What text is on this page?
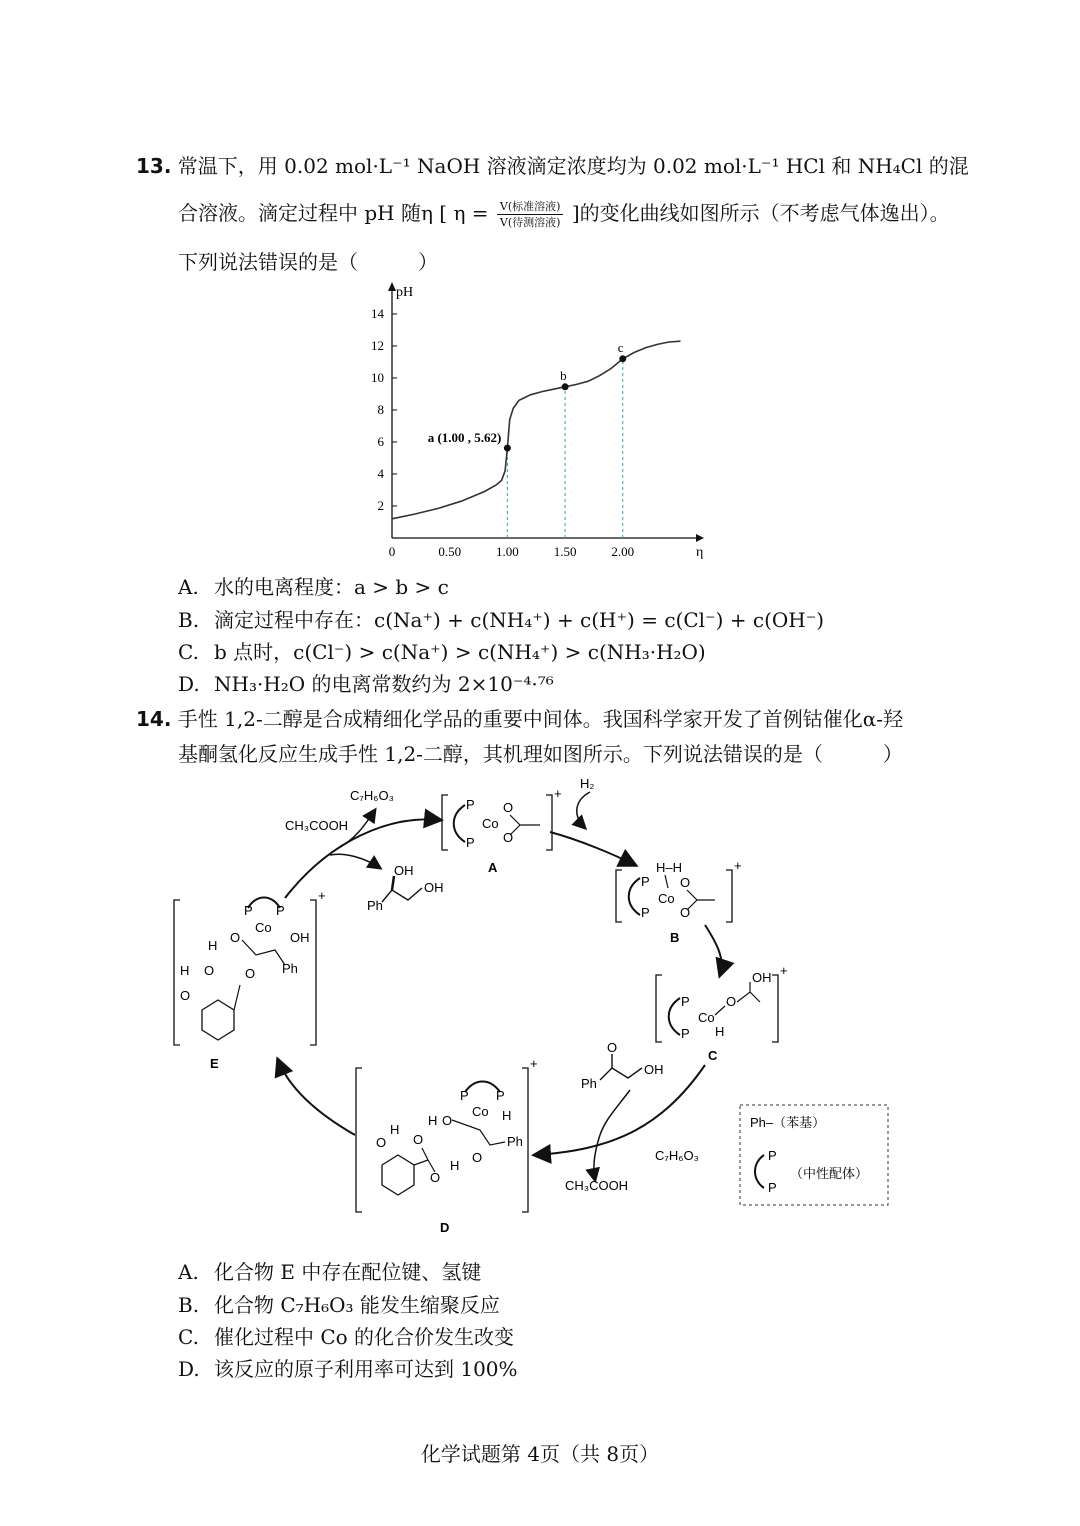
13. 常温下，用 0.02 mol·L⁻¹ NaOH 溶液滴定浓度均为 0.02 mol·L⁻¹ HCl 和 NH₄Cl 的混
合溶液。滴定过程中 pH 随η [ $\eta = \frac{\text{V(标准溶液)}}{\text{V(待测溶液)}}$ ]的变化曲线如图所示（不考虑气体逸出）。
下列说法错误的是（　　　）
pH
η
2
4
6
8
10
12
14
0	0.50	1.00	1.50	2.00
a (1.00 , 5.62)
b
c
A. 水的电离程度：a > b > c
B. 滴定过程中存在：c(Na⁺) + c(NH₄⁺) + c(H⁺) = c(Cl⁻) + c(OH⁻)
C. b 点时，c(Cl⁻) > c(Na⁺) > c(NH₄⁺) > c(NH₃·H₂O)
D. NH₃·H₂O 的电离常数约为 2×10⁻⁴·⁷⁶
14. 手性 1,2-二醇是合成精细化学品的重要中间体。我国科学家开发了首例钴催化α-羟
基酮氢化反应生成手性 1,2-二醇，其机理如图所示。下列说法错误的是（　　　）
C₇H₆O₃
CH₃COOH
H₂
C₇H₆O₃
CH₃COOH
OH
OH
Ph
O
OH
Ph
P
P
Co
O
O
+
A	H–H
P
P
Co
O
O
+
B
P
P
Co
H
O
OH +
C
P P
Co H
H O
Ph
O
H
O
H
O
O
+
D
P P
Co
O	OH
H
Ph
H O O
O
+
E
Ph–（苯基）
P
P
（中性配体）
A. 化合物 E 中存在配位键、氢键
B. 化合物 C₇H₆O₃ 能发生缩聚反应
C. 催化过程中 Co 的化合价发生改变
D. 该反应的原子利用率可达到 100%
化学试题第 4页（共 8页）
